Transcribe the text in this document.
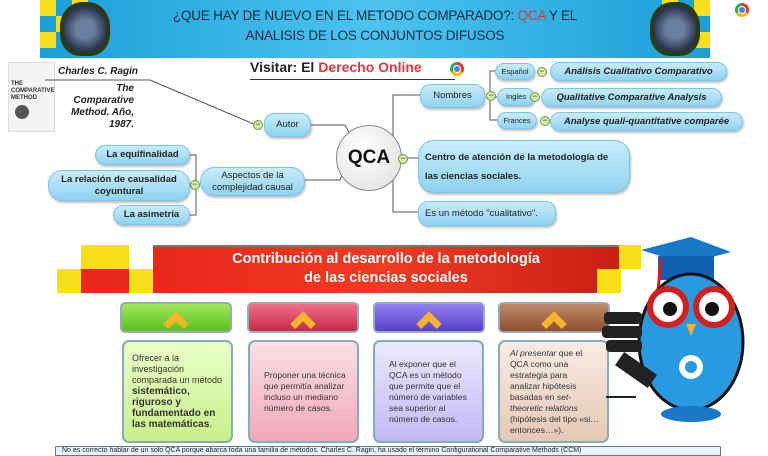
¿QUE HAY DE NUEVO EN EL METODO COMPARADO?: QCA Y EL
ANALISIS DE LOS CONJUNTOS DIFUSOS
THE COMPARATIVE METHOD
Charles C. Ragin
The Comparative Method. Año, 1987.
Visitar: El Derecho Online
QCA
−	Autor
Nombres	−
Español	−	Análisis Cualitativo Comparativo
Ingles −	Qualitative Comparative Analysis
Frances	−	Analyse quali-quantitative comparée
−	Centro de atención de la metodología de las ciencias sociales.
Es un método "cualitativo".
Aspectos de la complejidad causal
−
La equifinalidad
La relación de causalidad coyuntural
La asimetría
Contribución al desarrollo de la metodología
de las ciencias sociales
Ofrecer a la investigación comparada un método sistemático, riguroso y fundamentado en las matemáticas.
Proponer una técnica que permitía analizar incluso un mediano número de casos.
Al exponer que el QCA es un método que permite que el número de variables sea superior al número de casos.
Al presentar que el QCA como una estrategia para analizar hipótesis basadas en set-theoretic relations (hipótesis del tipo «si… entonces…»).
No es correcto hablar de un solo QCA porque abarca toda una familia de métodos. Charles C. Ragin, ha usado el término Configurational Comparative Methods (CCM)
